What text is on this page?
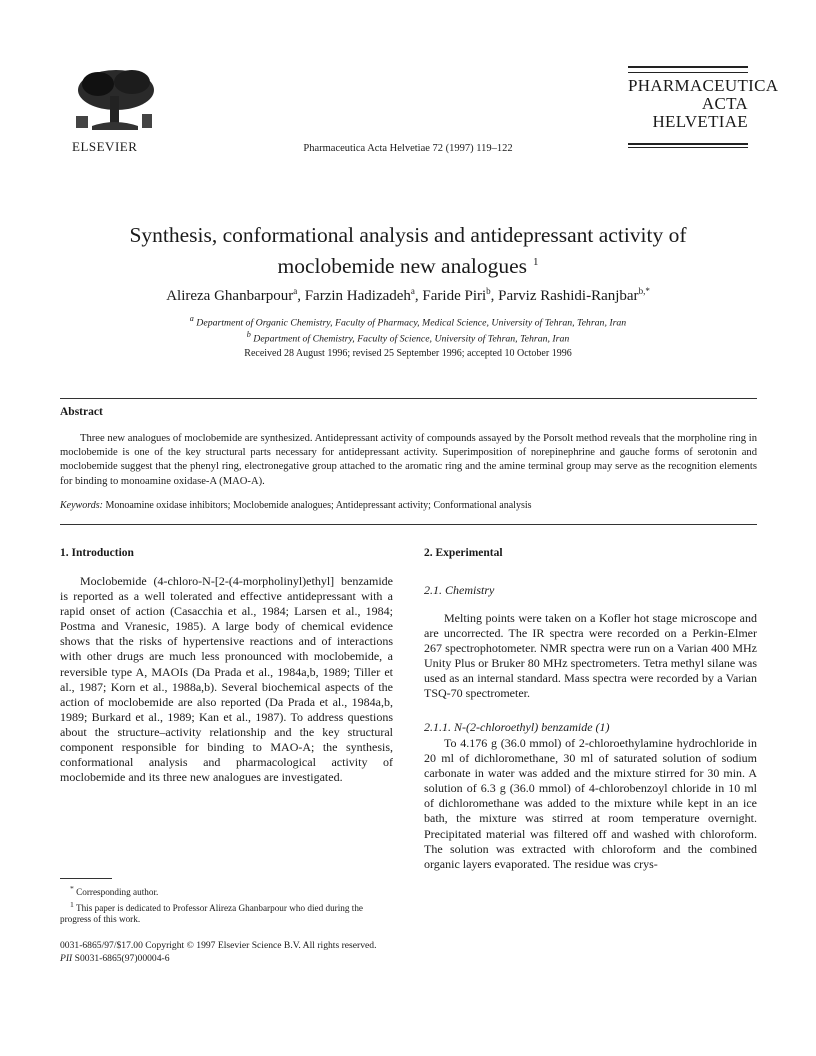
ELSEVIER	Pharmaceutica Acta Helvetiae 72 (1997) 119–122
PHARMACEUTICA
ACTA HELVETIAE
Synthesis, conformational analysis and antidepressant activity of
moclobemide new analogues $^1$
Alireza Ghanbarpour$^a$, Farzin Hadizadeh$^a$, Faride Piri$^b$, Parviz Rashidi-Ranjbar$^{b,*}$
$^a$ Department of Organic Chemistry, Faculty of Pharmacy, Medical Science, University of Tehran, Tehran, Iran
$^b$ Department of Chemistry, Faculty of Science, University of Tehran, Tehran, Iran
Received 28 August 1996; revised 25 September 1996; accepted 10 October 1996
Abstract
Three new analogues of moclobemide are synthesized. Antidepressant activity of compounds assayed by the Porsolt method reveals that the morpholine ring in moclobemide is one of the key structural parts necessary for antidepressant activity. Superimposition of norepinephrine and gauche forms of serotonin and moclobemide suggest that the phenyl ring, electronegative group attached to the aromatic ring and the amine terminal group may serve as the recognition elements for binding to monoamine oxidase-A (MAO-A).
Keywords: Monoamine oxidase inhibitors; Moclobemide analogues; Antidepressant activity; Conformational analysis
1. Introduction

Moclobemide (4-chloro-N-[2-(4-morpholinyl)ethyl] benzamide is reported as a well tolerated and effective antidepressant with a rapid onset of action (Casacchia et al., 1984; Larsen et al., 1984; Postma and Vranesic, 1985). A large body of chemical evidence shows that the risks of hypertensive reactions and of interactions with other drugs are much less pronounced with moclobemide, a reversible type A, MAOIs (Da Prada et al., 1984a,b, 1989; Tiller et al., 1987; Korn et al., 1988a,b). Several biochemical aspects of the action of moclobemide are also reported (Da Prada et al., 1984a,b, 1989; Burkard et al., 1989; Kan et al., 1987). To address questions about the structure–activity relationship and the key structural component responsible for binding to MAO-A; the synthesis, conformational analysis and pharmacological activity of moclobemide and its three new analogues are investigated.

* Corresponding author.
$^1$ This paper is dedicated to Professor Alireza Ghanbarpour who died during the progress of this work.
2. Experimental
2.1. Chemistry

Melting points were taken on a Kofler hot stage microscope and are uncorrected. The IR spectra were recorded on a Perkin-Elmer 267 spectrophotometer. NMR spectra were run on a Varian 400 MHz Unity Plus or Bruker 80 MHz spectrometers. Tetra methyl silane was used as an internal standard. Mass spectra were recorded by a Varian TSQ-70 spectrometer.

2.1.1. N-(2-chloroethyl) benzamide (1)

To 4.176 g (36.0 mmol) of 2-chloroethylamine hydrochloride in 20 ml of dichloromethane, 30 ml of saturated solution of sodium carbonate in water was added and the mixture stirred for 30 min. A solution of 6.3 g (36.0 mmol) of 4-chlorobenzoyl chloride in 10 ml of dichloromethane was added to the mixture while kept in an ice bath, the mixture was stirred at room temperature overnight. Precipitated material was filtered off and washed with chloroform. The solution was extracted with chloroform and the combined organic layers evaporated. The residue was crys-

0031-6865/97/$17.00 Copyright © 1997 Elsevier Science B.V. All rights reserved.
PII S0031-6865(97)00004-6
